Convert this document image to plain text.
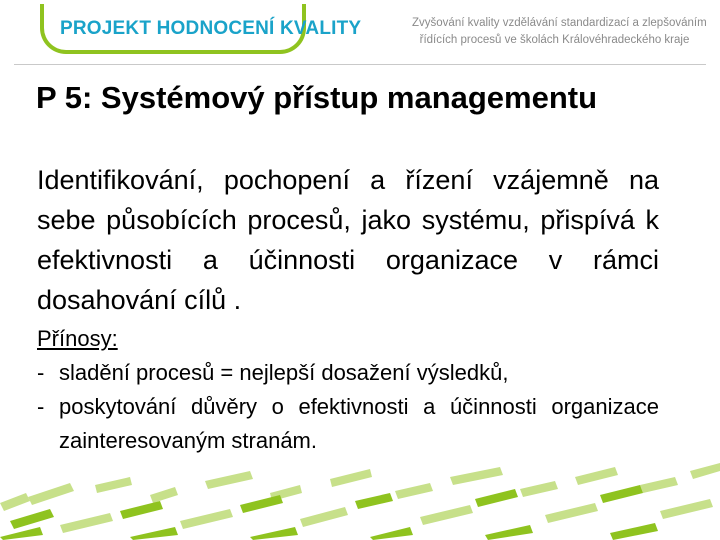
PROJEKT HODNOCENÍ KVALITY	Zvyšování kvality vzdělávání standardizací a zlepšováním
řídících procesů ve školách Královéhradeckého kraje
P 5: Systémový přístup managementu

Identifikování, pochopení a řízení vzájemně na sebe působících procesů, jako systému, přispívá k efektivnosti a účinnosti organizace v rámci dosahování cílů .

Přínosy:
- sladění procesů = nejlepší dosažení výsledků,
- poskytování důvěry o efektivnosti a účinnosti organizace zainteresovaným stranám.
